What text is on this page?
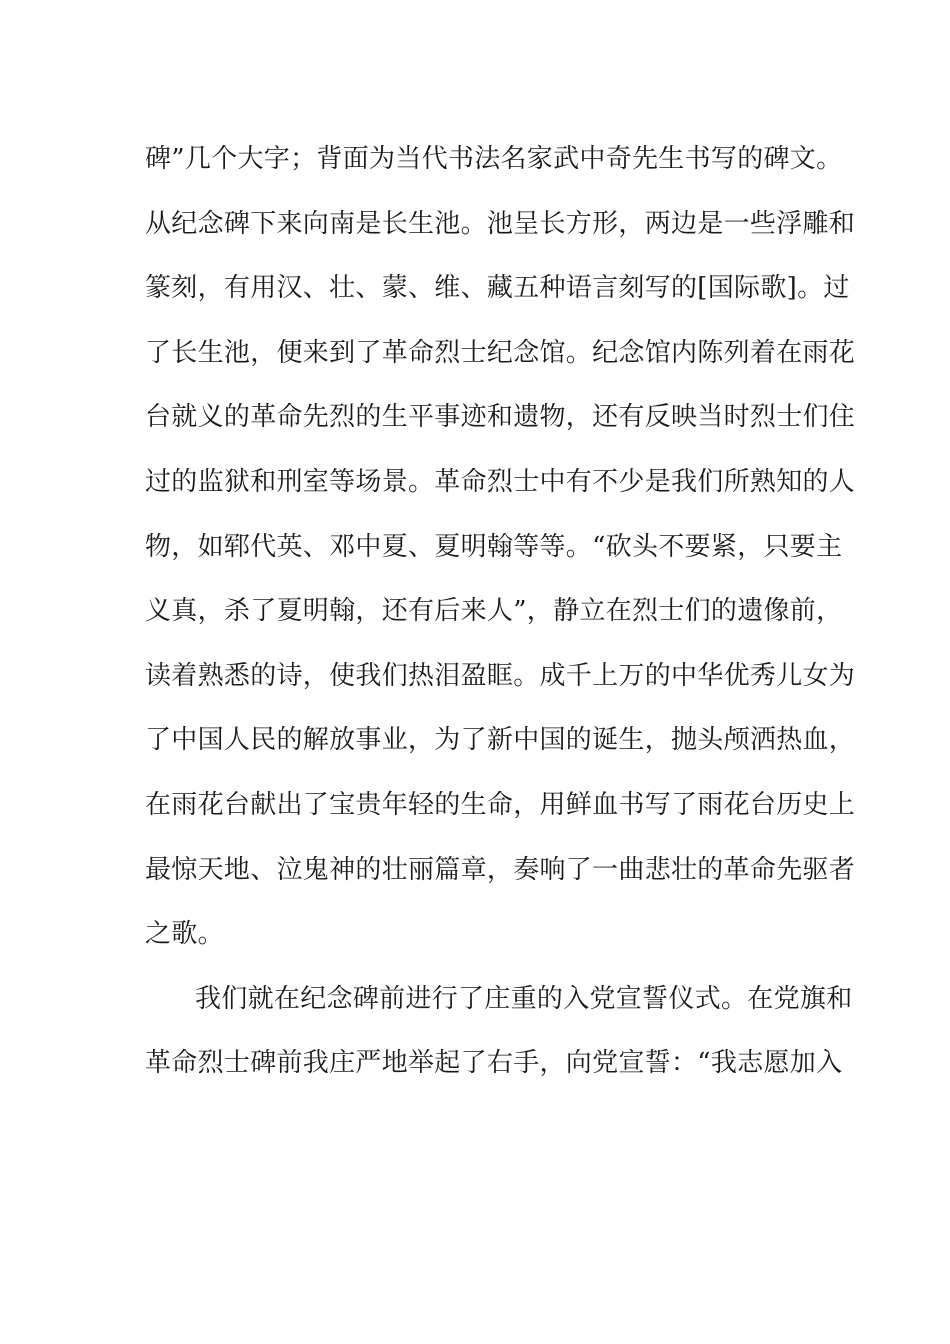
碑”几个大字；背面为当代书法名家武中奇先生书写的碑文。
从纪念碑下来向南是长生池。池呈长方形，两边是一些浮雕和
篆刻，有用汉、壮、蒙、维、藏五种语言刻写的[国际歌]。过
了长生池，便来到了革命烈士纪念馆。纪念馆内陈列着在雨花
台就义的革命先烈的生平事迹和遗物，还有反映当时烈士们住
过的监狱和刑室等场景。革命烈士中有不少是我们所熟知的人
物，如郓代英、邓中夏、夏明翰等等。“砍头不要紧，只要主
义真，杀了夏明翰，还有后来人”，静立在烈士们的遗像前，
读着熟悉的诗，使我们热泪盈眶。成千上万的中华优秀儿女为
了中国人民的解放事业，为了新中国的诞生，抛头颅洒热血，
在雨花台献出了宝贵年轻的生命，用鲜血书写了雨花台历史上
最惊天地、泣鬼神的壮丽篇章，奏响了一曲悲壮的革命先驱者
之歌。
我们就在纪念碑前进行了庄重的入党宣誓仪式。在党旗和
革命烈士碑前我庄严地举起了右手，向党宣誓：“我志愿加入
